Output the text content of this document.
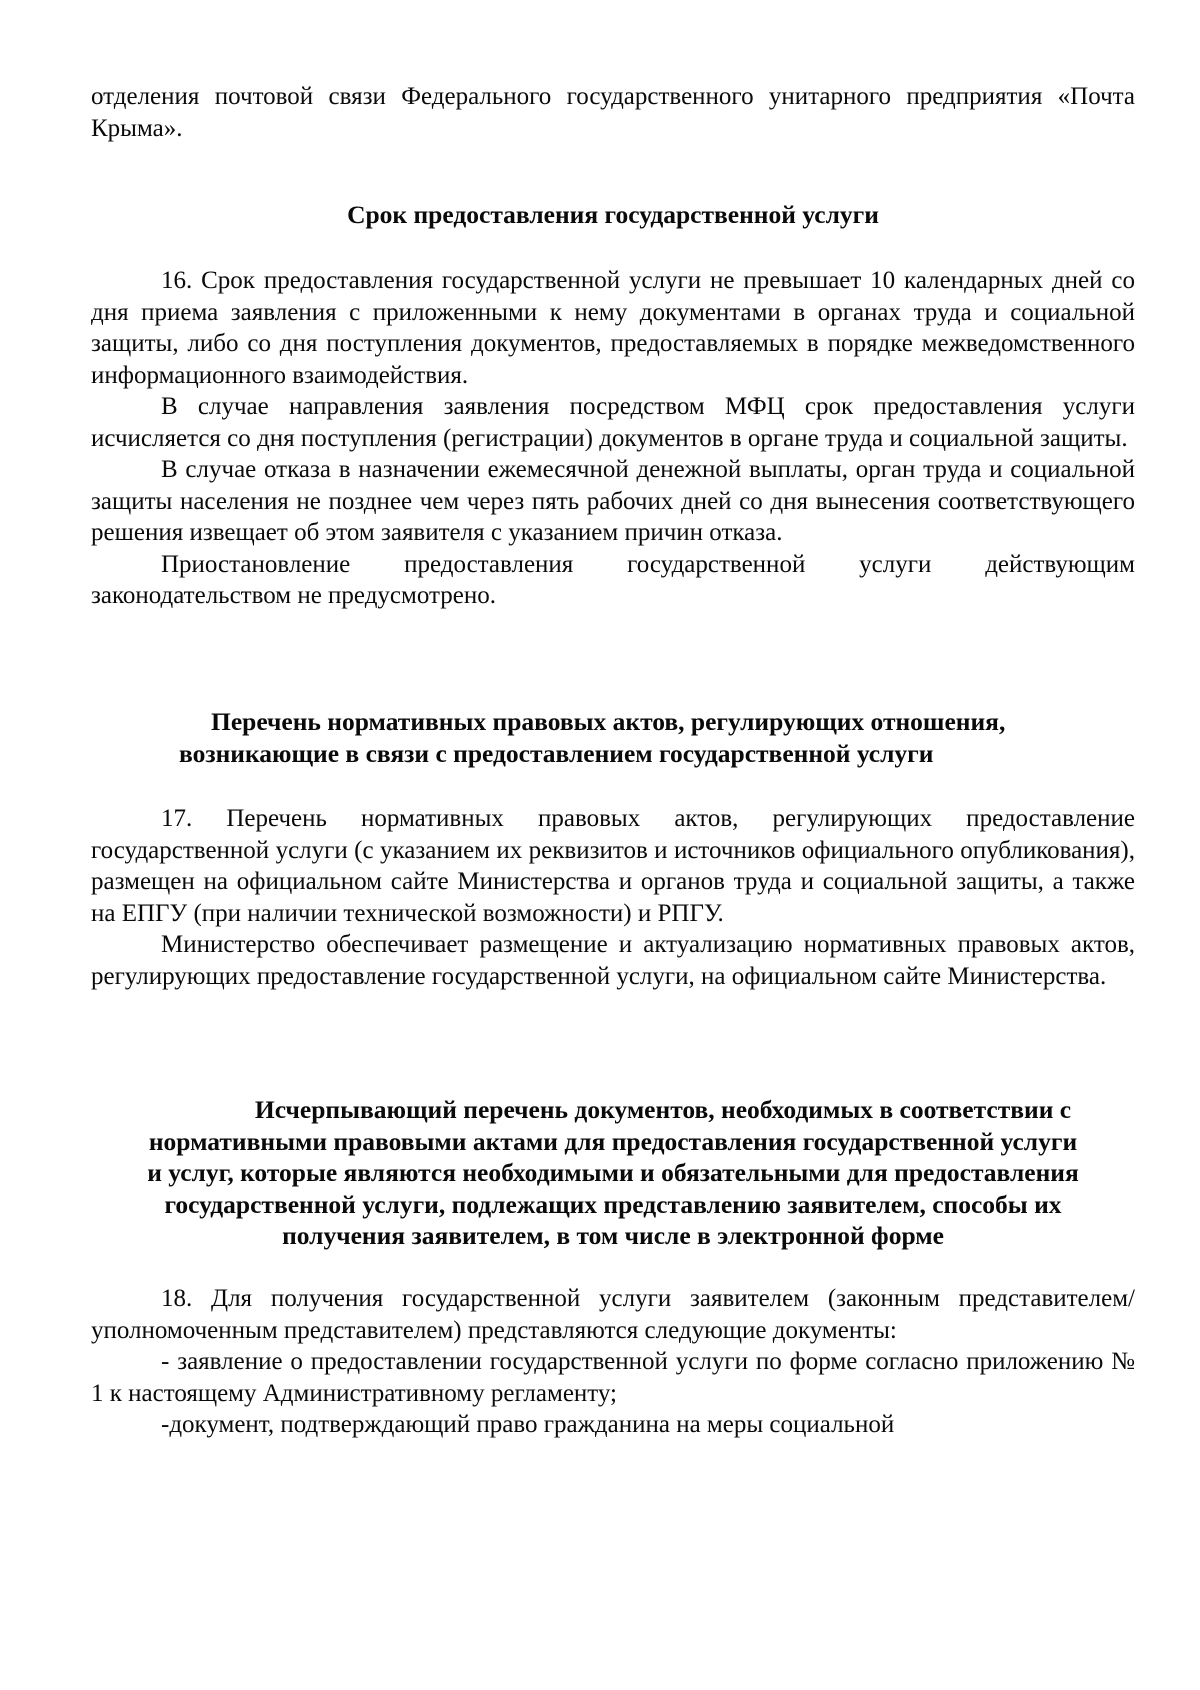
отделения почтовой связи Федерального государственного унитарного предприятия «Почта Крыма».

Срок предоставления государственной услуги

16. Срок предоставления государственной услуги не превышает 10 календарных дней со дня приема заявления с приложенными к нему документами в органах труда и социальной защиты, либо со дня поступления документов, предоставляемых в порядке межведомственного информационного взаимодействия.

В случае направления заявления посредством МФЦ срок предоставления услуги исчисляется со дня поступления (регистрации) документов в органе труда и социальной защиты.

В случае отказа в назначении ежемесячной денежной выплаты, орган труда и социальной защиты населения не позднее чем через пять рабочих дней со дня вынесения соответствующего решения извещает об этом заявителя с указанием причин отказа.

Приостановление предоставления государственной услуги действующим законодательством не предусмотрено.

Перечень нормативных правовых актов, регулирующих отношения,
возникающие в связи с предоставлением государственной услуги

17. Перечень нормативных правовых актов, регулирующих предоставление государственной услуги (с указанием их реквизитов и источников официального опубликования), размещен на официальном сайте Министерства и органов труда и социальной защиты, а также на ЕПГУ (при наличии технической возможности) и РПГУ.

Министерство обеспечивает размещение и актуализацию нормативных правовых актов, регулирующих предоставление государственной услуги, на официальном сайте Министерства.

Исчерпывающий перечень документов, необходимых в соответствии с
нормативными правовыми актами для предоставления государственной услуги
и услуг, которые являются необходимыми и обязательными для предоставления
государственной услуги, подлежащих представлению заявителем, способы их
получения заявителем, в том числе в электронной форме

18. Для получения государственной услуги заявителем (законным представителем/ уполномоченным представителем) представляются следующие документы:

- заявление о предоставлении государственной услуги по форме согласно приложению № 1 к настоящему Административному регламенту;

-документ, подтверждающий право гражданина на меры социальной
